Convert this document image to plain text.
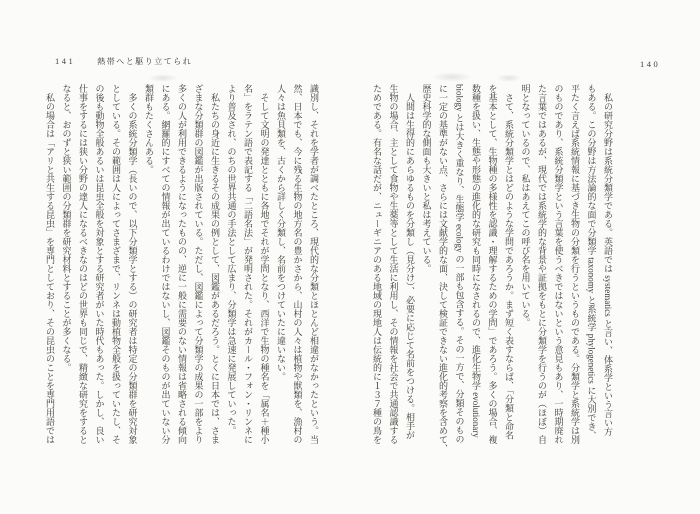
141	熱帯へと駆り立てられ
識別し、それを学者が調べたところ、現代的な分類とほとんど相違がなかったという。当
然、日本でも、今に残る生物の地方名の豊かさから、山村の人々は植物や獣類を、漁村の
人々は魚貝類を、古くから詳しく分類し、名前をつけていたに違いない。
　そして文明の発達とともに各地でそれが学問となり、西洋で生物の種名を「属名＋種小
名」をラテン語で表記する「二語名法」が発明された。それがカール・フォン・リンネに
より普及され、のちの世界共通の手法として広まり、分類学は急速に発展していった。
　私たちの身近に生きるその成果の例として、図鑑があるだろう。とくに日本では、さま
ざまな分類群の図鑑が出版されている。ただし、図鑑によって分類学の成果の一部をより
多くの人が利用できるようになったものの、逆に一般に需要のない情報は省略される傾向
にある。網羅的にすべての情報が出ているわけではないし、図鑑そのものが出ていない分
類群もたくさんある。
　多くの系統分類学（長いので、以下分類学とする）の研究者は特定の分類群を研究対象
としている。その範囲は人によってさまざまで、リンネは動植物全般を扱っていたし、そ
の後も動物全般あるいは昆虫全般を対象とする研究者がいた時代もあった。しかし、良い
仕事をするには狭い分野の達人になるべきなのはどの世界も同じで、精緻な研究をすると
なると、おのずと狭い範囲の分類群を研究材料とすることが多くなる。
　私の場合は「アリと共生する昆虫」を専門としており、その昆虫のことを専門用語では
140
　私の研究分野は系統分類学である。英語では systematics と言い、体系学という言い方
もある。この分野は方法論的な面で分類学 taxonomy と系統学 phylogenetics に大別でき、
平たく言えば系統情報に基づき生物の分類を行うというものである。分類学と系統学は別
のものであり、系統分類学という言葉を使うべきではないという意見もあり、一時期廃れ
た言葉ではあるが、現代では系統学的な背景や証拠をもとに分類学を行うのが（ほぼ）自
明となっているので、私はあえてこの呼び名を用いている。
　さて、系統分類学とはどのような学問であろうか。まず短く表すならば、「分類と命名
を基本として、生物種の多様性を認識・理解するための学問」であろう。多くの場合、複
数種を扱い、生態や形態の進化的な研究も同時になされるので、進化生物学 evolutionary
biology とは大きく重なり、生態学 ecology の一部も包含する。その一方で、分類そのもの
に一定の基準がない点、さらには文献学的な面、決して検証できない進化的考察を含めて、
歴史科学的な側面も大きいと私は考えている。
　人間は生得的にあらゆるものを分類し（見分け）、必要に応じて名前をつける。相手が
生物の場合、主として食物や生薬等として生活に利用し、その情報を社会で共通認識する
ためである。有名な話だが、ニューギニアのある地域の現地人は伝統的に１３７種の鳥を
